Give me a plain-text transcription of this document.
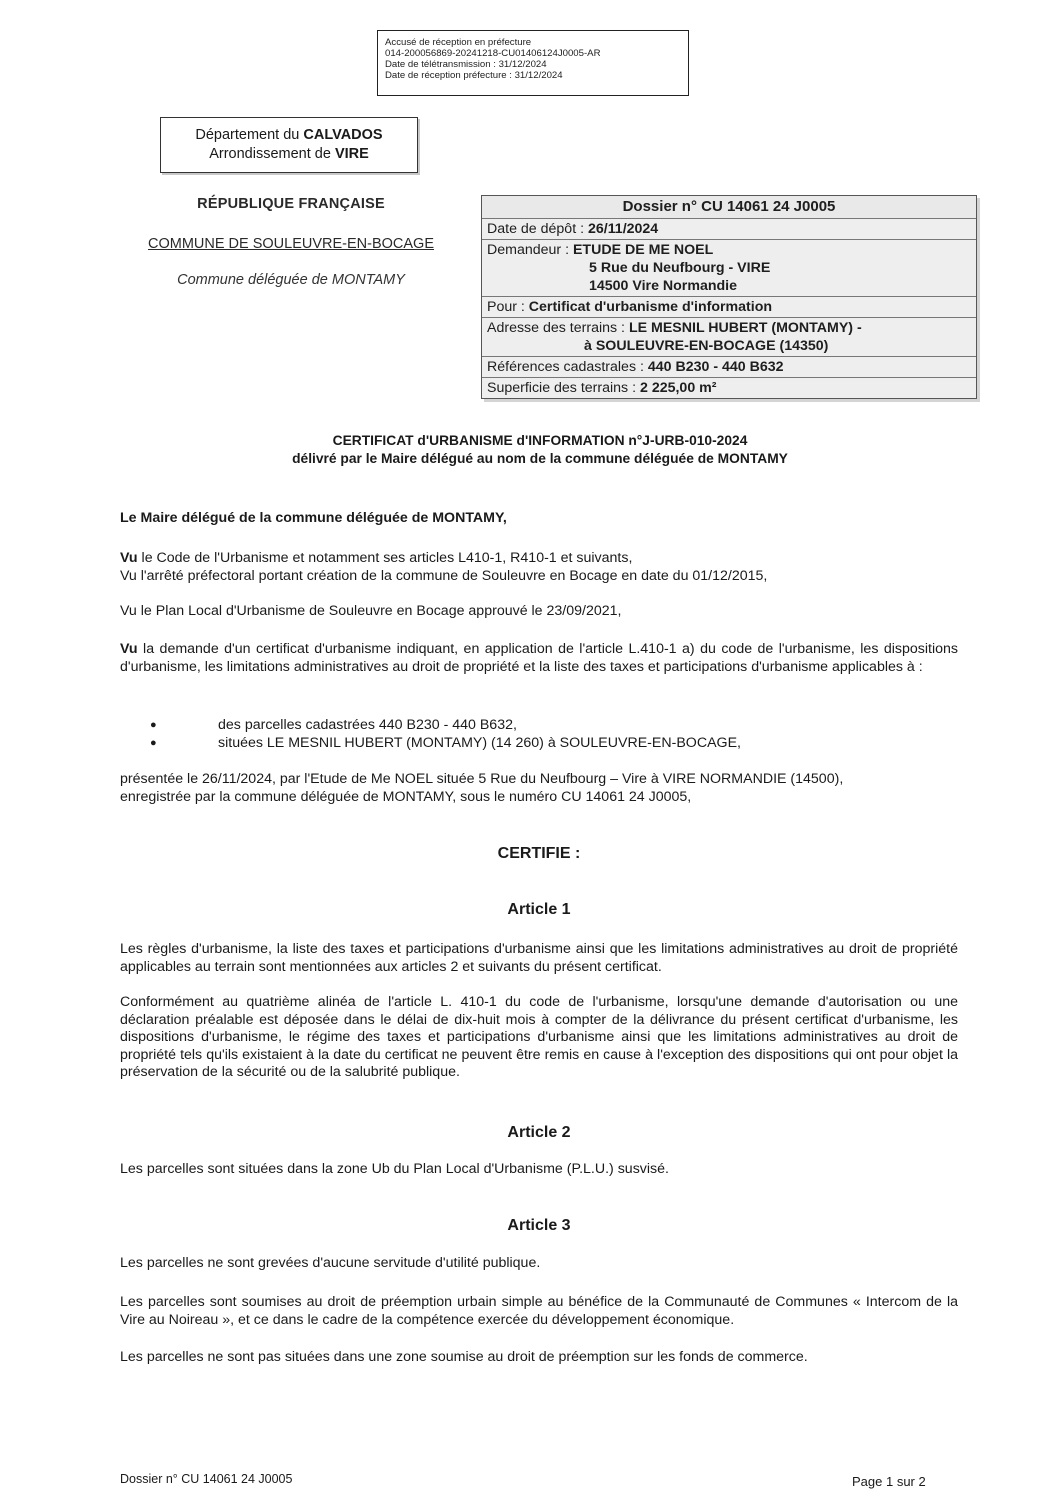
Accusé de réception en préfecture
014-200056869-20241218-CU01406124J0005-AR
Date de télétransmission : 31/12/2024
Date de réception préfecture : 31/12/2024
Département du CALVADOS
Arrondissement de VIRE
RÉPUBLIQUE FRANÇAISE
COMMUNE DE SOULEUVRE-EN-BOCAGE
Commune déléguée de MONTAMY
Dossier n° CU 14061 24 J0005
Date de dépôt : 26/11/2024
Demandeur : ETUDE DE ME NOEL
5 Rue du Neufbourg - VIRE
14500 Vire Normandie
Pour : Certificat d'urbanisme d'information
Adresse des terrains : LE MESNIL HUBERT (MONTAMY) -
à SOULEUVRE-EN-BOCAGE (14350)
Références cadastrales : 440 B230 - 440 B632
Superficie des terrains : 2 225,00 m²
CERTIFICAT d'URBANISME d'INFORMATION n°J-URB-010-2024
délivré par le Maire délégué au nom de la commune déléguée de MONTAMY
Le Maire délégué de la commune déléguée de MONTAMY,
Vu le Code de l'Urbanisme et notamment ses articles L410-1, R410-1 et suivants,
Vu l'arrêté préfectoral portant création de la commune de Souleuvre en Bocage en date du 01/12/2015,
Vu le Plan Local d'Urbanisme de Souleuvre en Bocage approuvé le 23/09/2021,
Vu la demande d'un certificat d'urbanisme indiquant, en application de l'article L.410-1 a) du code de l'urbanisme, les dispositions d'urbanisme, les limitations administratives au droit de propriété et la liste des taxes et participations d'urbanisme applicables à :
●	des parcelles cadastrées 440 B230 - 440 B632,
●	situées LE MESNIL HUBERT (MONTAMY) (14 260) à SOULEUVRE-EN-BOCAGE,
présentée le 26/11/2024, par l'Etude de Me NOEL située 5 Rue du Neufbourg – Vire à VIRE NORMANDIE (14500),
enregistrée par la commune déléguée de MONTAMY, sous le numéro CU 14061 24 J0005,
CERTIFIE :
Article 1
Les règles d'urbanisme, la liste des taxes et participations d'urbanisme ainsi que les limitations administratives au droit de propriété applicables au terrain sont mentionnées aux articles 2 et suivants du présent certificat.
Conformément au quatrième alinéa de l'article L. 410-1 du code de l'urbanisme, lorsqu'une demande d'autorisation ou une déclaration préalable est déposée dans le délai de dix-huit mois à compter de la délivrance du présent certificat d'urbanisme, les dispositions d'urbanisme, le régime des taxes et participations d'urbanisme ainsi que les limitations administratives au droit de propriété tels qu'ils existaient à la date du certificat ne peuvent être remis en cause à l'exception des dispositions qui ont pour objet la préservation de la sécurité ou de la salubrité publique.
Article 2
Les parcelles sont situées dans la zone Ub du Plan Local d'Urbanisme (P.L.U.) susvisé.
Article 3
Les parcelles ne sont grevées d'aucune servitude d'utilité publique.
Les parcelles sont soumises au droit de préemption urbain simple au bénéfice de la Communauté de Communes « Intercom de la Vire au Noireau », et ce dans le cadre de la compétence exercée du développement économique.
Les parcelles ne sont pas situées dans une zone soumise au droit de préemption sur les fonds de commerce.
Dossier n° CU 14061 24 J0005	Page 1 sur 2
